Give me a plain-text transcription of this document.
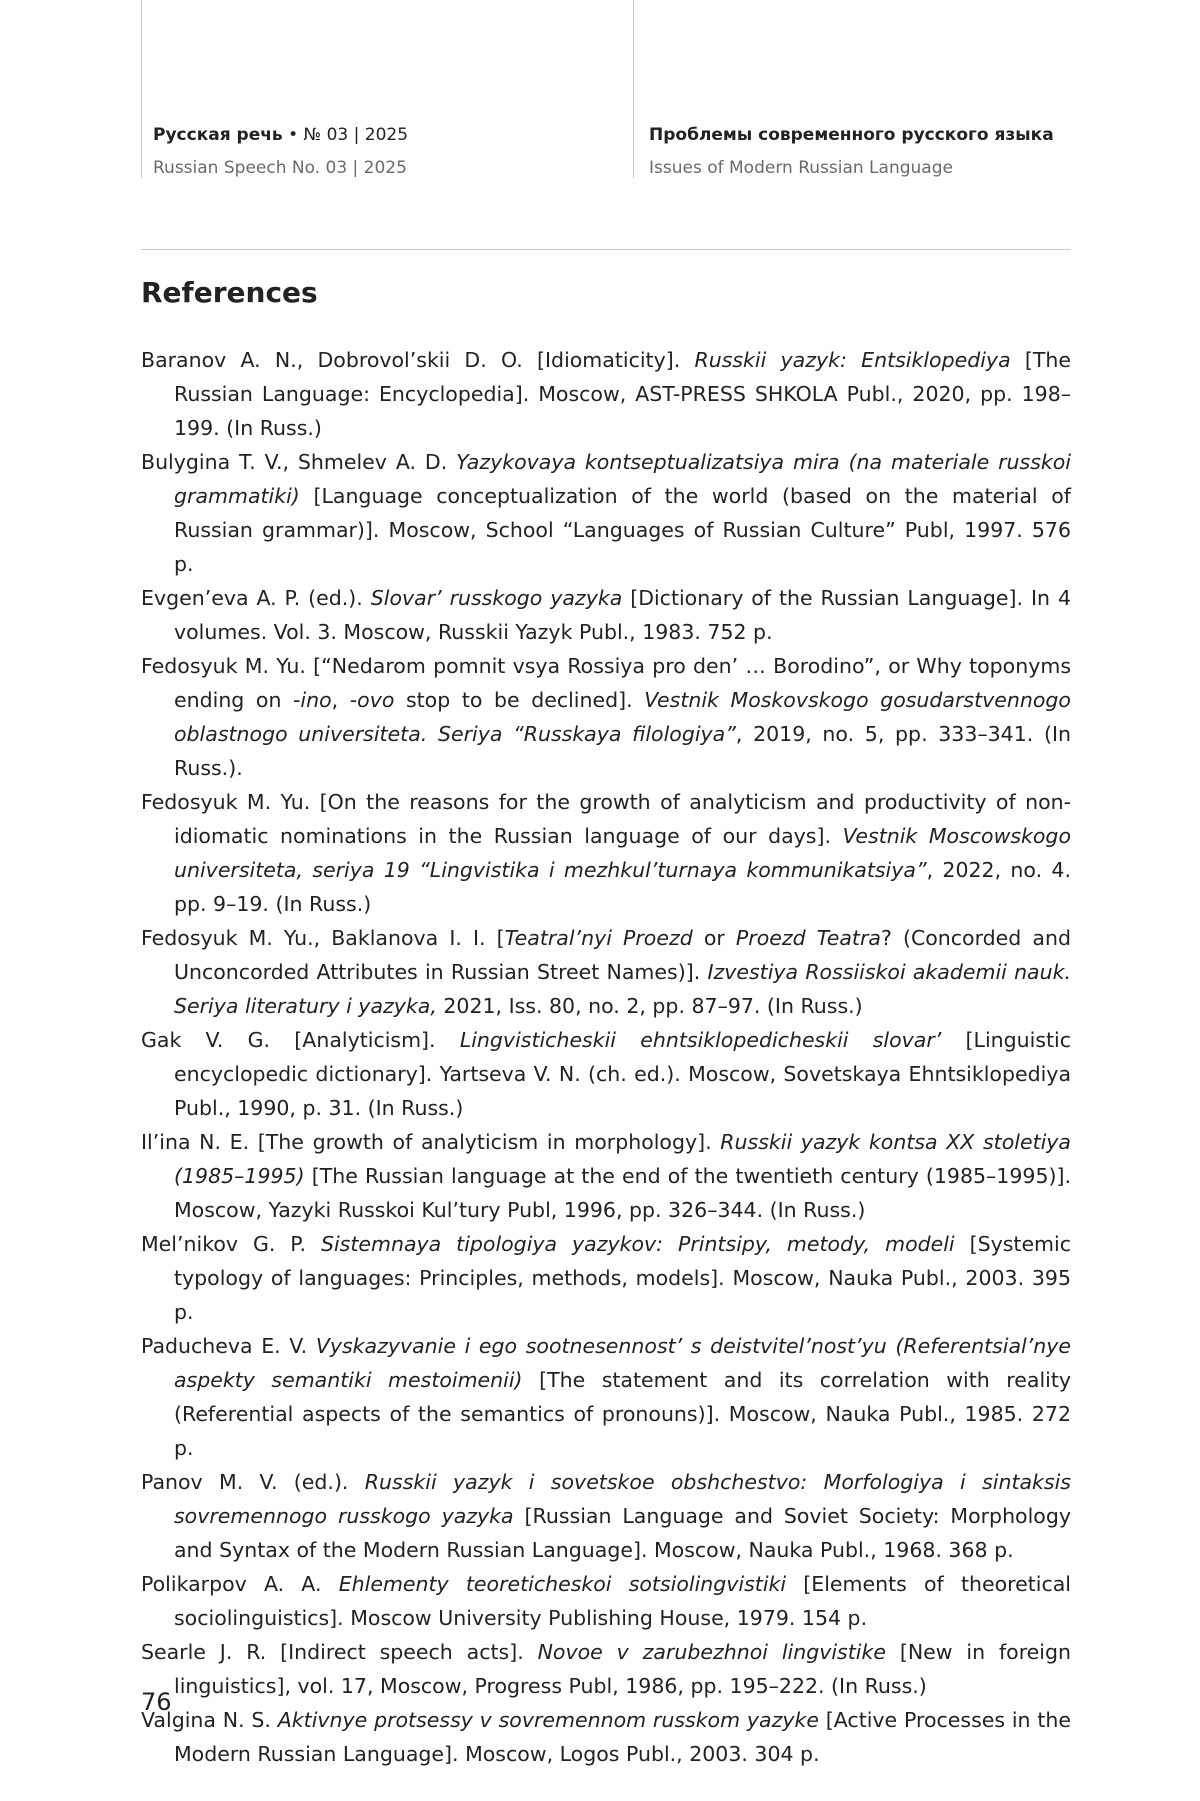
Русская речь • № 03 | 2025
Russian Speech No. 03 | 2025
Проблемы современного русского языка
Issues of Modern Russian Language
References
Baranov A. N., Dobrovol’skii D. O. [Idiomaticity]. Russkii yazyk: Entsiklopediya [The Russian Language: Encyclopedia]. Moscow, AST-PRESS SHKOLA Publ., 2020, pp. 198–199. (In Russ.)
Bulygina T. V., Shmelev A. D. Yazykovaya kontseptualizatsiya mira (na materiale russkoi grammatiki) [Language conceptualization of the world (based on the material of Russian grammar)]. Moscow, School “Languages of Russian Culture” Publ, 1997. 576 p.
Evgen’eva A. P. (ed.). Slovar’ russkogo yazyka [Dictionary of the Russian Language]. In 4 volumes. Vol. 3. Moscow, Russkii Yazyk Publ., 1983. 752 p.
Fedosyuk M. Yu. [“Nedarom pomnit vsya Rossiya pro den’ … Borodino”, or Why toponyms ending on -ino, -ovo stop to be declined]. Vestnik Moskovskogo gosudarstvennogo oblastnogo universiteta. Seriya “Russkaya filologiya”, 2019, no. 5, pp. 333–341. (In Russ.).
Fedosyuk M. Yu. [On the reasons for the growth of analyticism and productivity of non-idiomatic nominations in the Russian language of our days]. Vestnik Moscowskogo universiteta, seriya 19 “Lingvistika i mezhkul’turnaya kommunikatsiya”, 2022, no. 4. pp. 9–19. (In Russ.)
Fedosyuk M. Yu., Baklanova I. I. [Teatral’nyi Proezd or Proezd Teatra? (Concorded and Unconcorded Attributes in Russian Street Names)]. Izvestiya Rossiiskoi akademii nauk. Seriya literatury i yazyka, 2021, Iss. 80, no. 2, pp. 87–97. (In Russ.)
Gak V. G. [Analyticism]. Lingvisticheskii ehntsiklopedicheskii slovar’ [Linguistic encyclopedic dictionary]. Yartseva V. N. (ch. ed.). Moscow, Sovetskaya Ehntsiklopediya Publ., 1990, p. 31. (In Russ.)
Il’ina N. E. [The growth of analyticism in morphology]. Russkii yazyk kontsa XX stoletiya (1985–1995) [The Russian language at the end of the twentieth century (1985–1995)]. Moscow, Yazyki Russkoi Kul’tury Publ, 1996, pp. 326–344. (In Russ.)
Mel’nikov G. P. Sistemnaya tipologiya yazykov: Printsipy, metody, modeli [Systemic typology of languages: Principles, methods, models]. Moscow, Nauka Publ., 2003. 395 p.
Paducheva E. V. Vyskazyvanie i ego sootnesennost’ s deistvitel’nost’yu (Referentsial’nye aspekty semantiki mestoimenii) [The statement and its correlation with reality (Referential aspects of the semantics of pronouns)]. Moscow, Nauka Publ., 1985. 272 p.
Panov M. V. (ed.). Russkii yazyk i sovetskoe obshchestvo: Morfologiya i sintaksis sovremennogo russkogo yazyka [Russian Language and Soviet Society: Morphology and Syntax of the Modern Russian Language]. Moscow, Nauka Publ., 1968. 368 p.
Polikarpov A. A. Ehlementy teoreticheskoi sotsiolingvistiki [Elements of theoretical sociolinguistics]. Moscow University Publishing House, 1979. 154 p.
Searle J. R. [Indirect speech acts]. Novoe v zarubezhnoi lingvistike [New in foreign linguistics], vol. 17, Moscow, Progress Publ, 1986, pp. 195–222. (In Russ.)
Valgina N. S. Aktivnye protsessy v sovremennom russkom yazyke [Active Processes in the Modern Russian Language]. Moscow, Logos Publ., 2003. 304 p.
76
